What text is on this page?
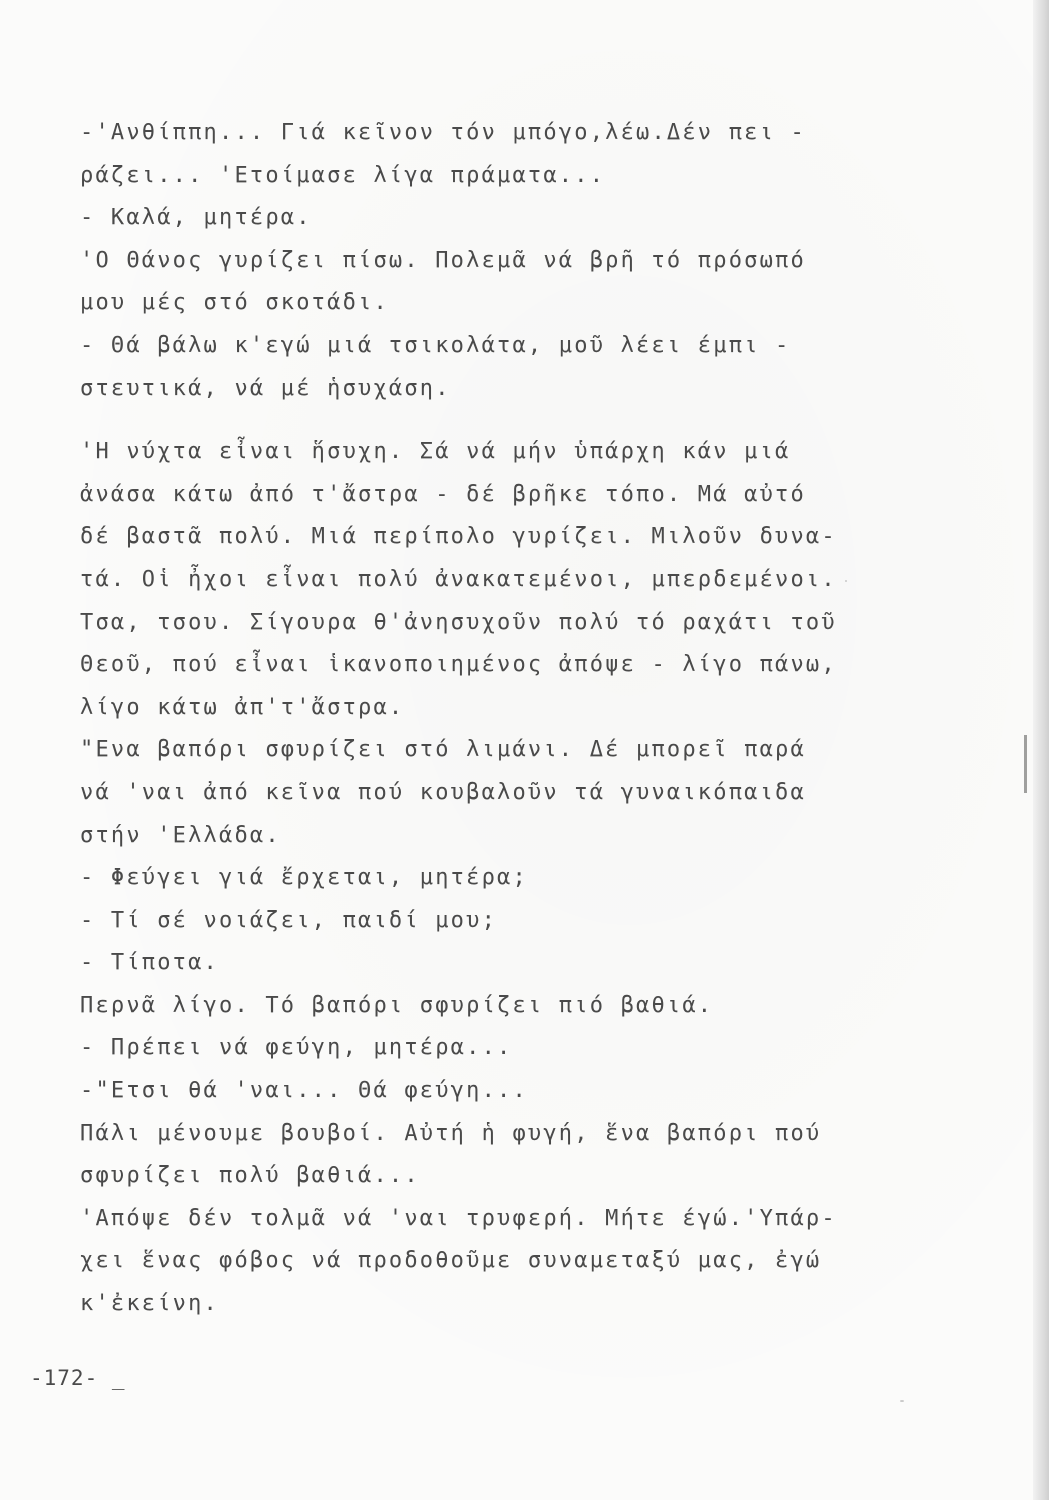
-'Ανθίππη... Γιά κεῖνον τόν μπόγο,λέω.Δέν πει -
ράζει... 'Ετοίμασε λίγα πράματα...
- Καλά, μητέρα.
'Ο Θάνος γυρίζει πίσω. Πολεμᾶ νά βρῆ τό πρόσωπό
μου μές στό σκοτάδι.
- Θά βάλω κ'εγώ μιά τσικολάτα, μοῦ λέει έμπι -
στευτικά, νά μέ ἡσυχάση.
'Η νύχτα εἶναι ἥσυχη. Σά νά μήν ὑπάρχη κάν μιά
ἀνάσα κάτω ἀπό τ'ἄστρα - δέ βρῆκε τόπο. Μά αὐτό
δέ βαστᾶ πολύ. Μιά περίπολο γυρίζει. Μιλοῦν δυνα-
τά. Οἱ ἦχοι εἶναι πολύ ἀνακατεμένοι, μπερδεμένοι.
Τσα, τσου. Σίγουρα θ'ἀνησυχοῦν πολύ τό ραχάτι τοῦ
Θεοῦ, πού εἶναι ἱκανοποιημένος ἀπόψε - λίγο πάνω,
λίγο κάτω ἀπ'τ'ἄστρα.
"Ενα βαπόρι σφυρίζει στό λιμάνι. Δέ μπορεῖ παρά
νά 'ναι ἀπό κεῖνα πού κουβαλοῦν τά γυναικόπαιδα
στήν 'Ελλάδα.
- Φεύγει γιά ἔρχεται, μητέρα;
- Τί σέ νοιάζει, παιδί μου;
- Τίποτα.
Περνᾶ λίγο. Τό βαπόρι σφυρίζει πιό βαθιά.
- Πρέπει νά φεύγη, μητέρα...
-"Ετσι θά 'ναι... Θά φεύγη...
Πάλι μένουμε βουβοί. Αὐτή ἡ φυγή, ἕνα βαπόρι πού
σφυρίζει πολύ βαθιά...
'Απόψε δέν τολμᾶ νά 'ναι τρυφερή. Μήτε έγώ.'Υπάρ-
χει ἕνας φόβος νά προδοθοῦμε συναμεταξύ μας, ἐγώ
κ'ἐκείνη.
-172- _
